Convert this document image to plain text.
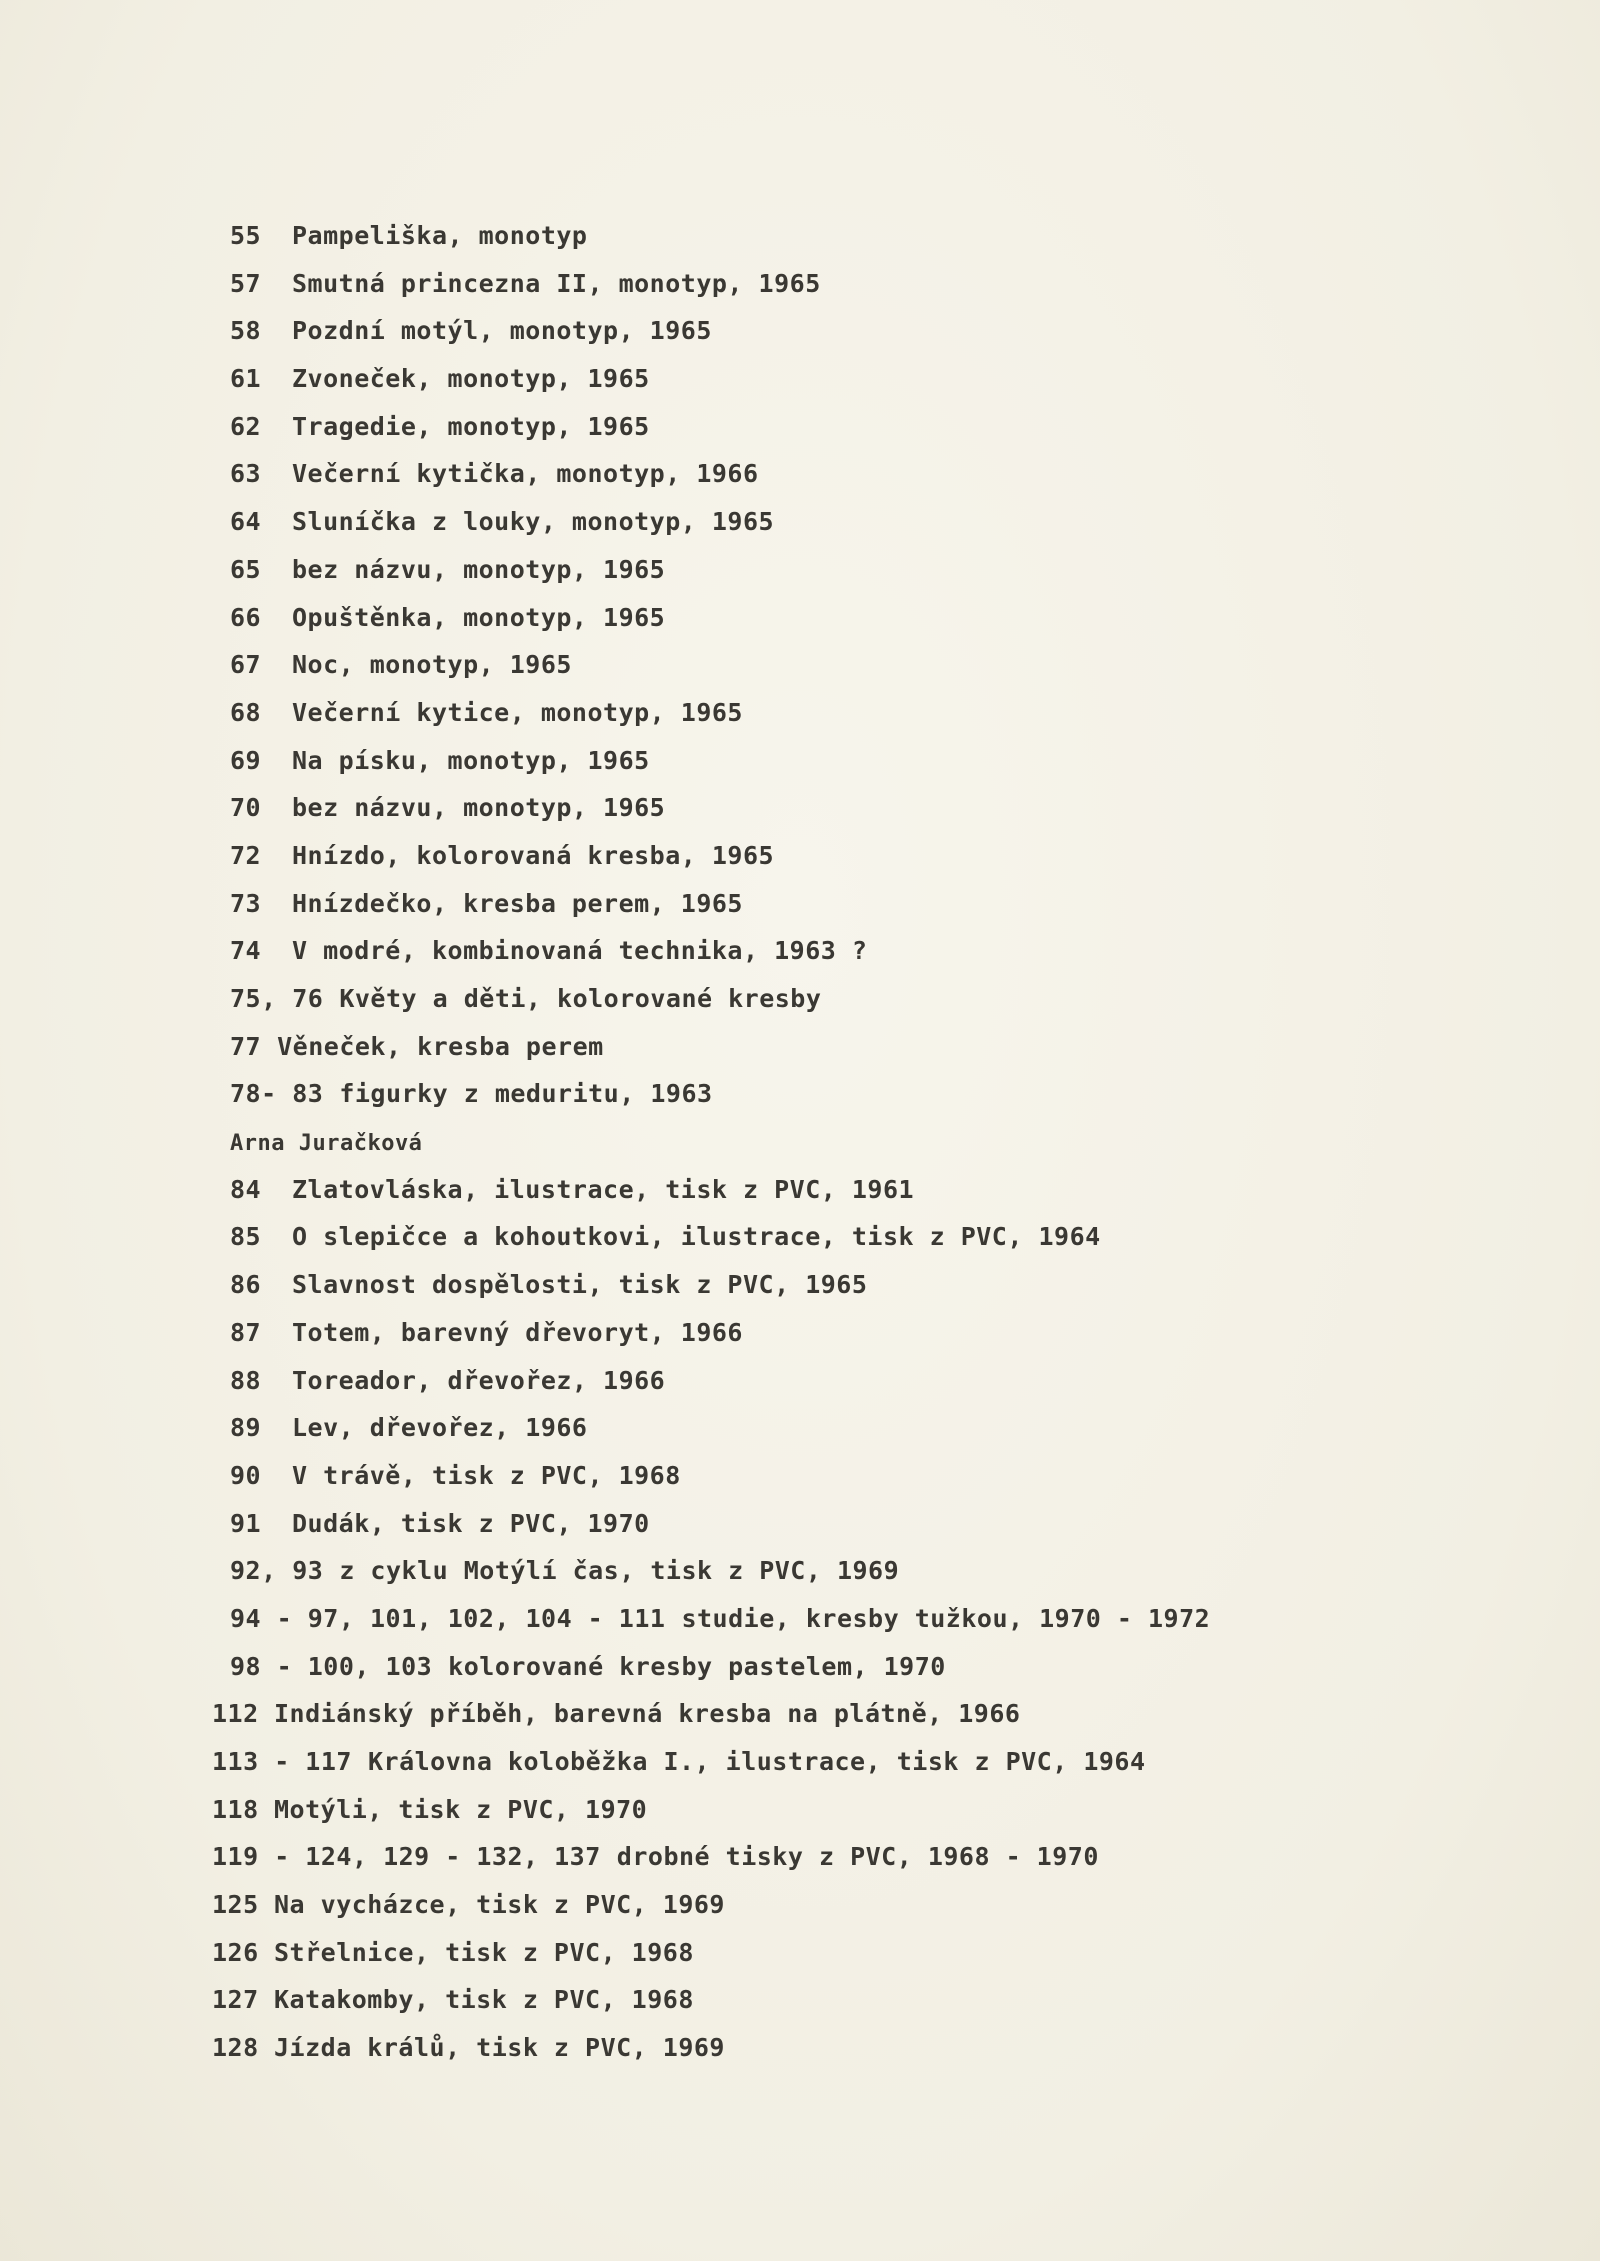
55 Pampeliška, monotyp
57 Smutná princezna II, monotyp, 1965
58 Pozdní motýl, monotyp, 1965
61 Zvoneček, monotyp, 1965
62 Tragedie, monotyp, 1965
63 Večerní kytička, monotyp, 1966
64 Sluníčka z louky, monotyp, 1965
65 bez názvu, monotyp, 1965
66 Opuštěnka, monotyp, 1965
67 Noc, monotyp, 1965
68 Večerní kytice, monotyp, 1965
69 Na písku, monotyp, 1965
70 bez názvu, monotyp, 1965
72 Hnízdo, kolorovaná kresba, 1965
73 Hnízdečko, kresba perem, 1965
74 V modré, kombinovaná technika, 1963 ?
75, 76 Květy a děti, kolorované kresby
77 Věneček, kresba perem
78- 83 figurky z meduritu, 1963
Arna Juračková
84 Zlatovláska, ilustrace, tisk z PVC, 1961
85 O slepičce a kohoutkovi, ilustrace, tisk z PVC, 1964
86 Slavnost dospělosti, tisk z PVC, 1965
87 Totem, barevný dřevoryt, 1966
88 Toreador, dřevořez, 1966
89 Lev, dřevořez, 1966
90 V trávě, tisk z PVC, 1968
91 Dudák, tisk z PVC, 1970
92, 93 z cyklu Motýlí čas, tisk z PVC, 1969
94 - 97, 101, 102, 104 - 111 studie, kresby tužkou, 1970 - 1972
98 - 100, 103 kolorované kresby pastelem, 1970
112 Indiánský příběh, barevná kresba na plátně, 1966
113 - 117 Královna koloběžka I., ilustrace, tisk z PVC, 1964
118 Motýli, tisk z PVC, 1970
119 - 124, 129 - 132, 137 drobné tisky z PVC, 1968 - 1970
125 Na vycházce, tisk z PVC, 1969
126 Střelnice, tisk z PVC, 1968
127 Katakomby, tisk z PVC, 1968
128 Jízda králů, tisk z PVC, 1969
